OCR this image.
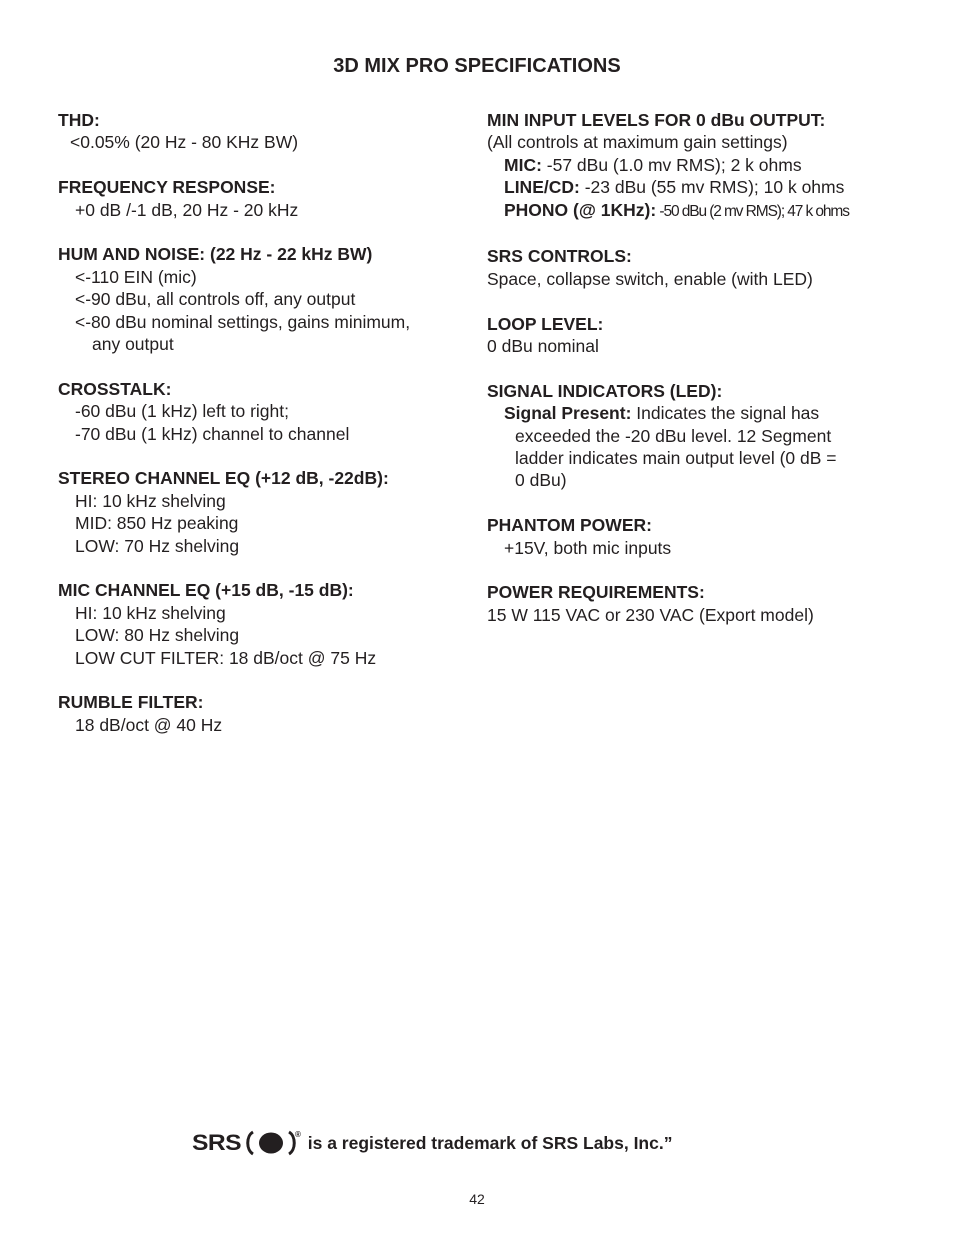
3D MIX PRO SPECIFICATIONS
THD:
<0.05% (20 Hz - 80 KHz BW)
FREQUENCY RESPONSE:
+0 dB /-1 dB, 20 Hz - 20 kHz
HUM AND NOISE: (22 Hz - 22 kHz BW)
<-110 EIN (mic)
<-90 dBu, all controls off, any output
<-80 dBu nominal settings, gains minimum,
any output
CROSSTALK:
-60 dBu (1 kHz) left to right;
-70 dBu (1 kHz) channel to channel
STEREO CHANNEL EQ (+12 dB, -22dB):
HI: 10 kHz shelving
MID: 850 Hz peaking
LOW: 70 Hz shelving
MIC CHANNEL EQ (+15 dB, -15 dB):
HI: 10 kHz shelving
LOW: 80 Hz shelving
LOW CUT FILTER: 18 dB/oct @ 75 Hz
RUMBLE FILTER:
18 dB/oct @ 40 Hz
MIN INPUT LEVELS FOR 0 dBu OUTPUT:
(All controls at maximum gain settings)
MIC: -57 dBu (1.0 mv RMS); 2 k ohms
LINE/CD: -23 dBu (55 mv RMS); 10 k ohms
PHONO (@ 1KHz): -50 dBu (2 mv RMS); 47 k ohms
SRS CONTROLS:
Space, collapse switch, enable (with LED)
LOOP LEVEL:
0 dBu nominal
SIGNAL INDICATORS (LED):
Signal Present: Indicates the signal has
exceeded the -20 dBu level. 12 Segment
ladder indicates main output level (0 dB =
0 dBu)
PHANTOM POWER:
+15V, both mic inputs
POWER REQUIREMENTS:
15 W 115 VAC or 230 VAC (Export model)
SRS	® is a registered trademark of SRS Labs, Inc.”
42
